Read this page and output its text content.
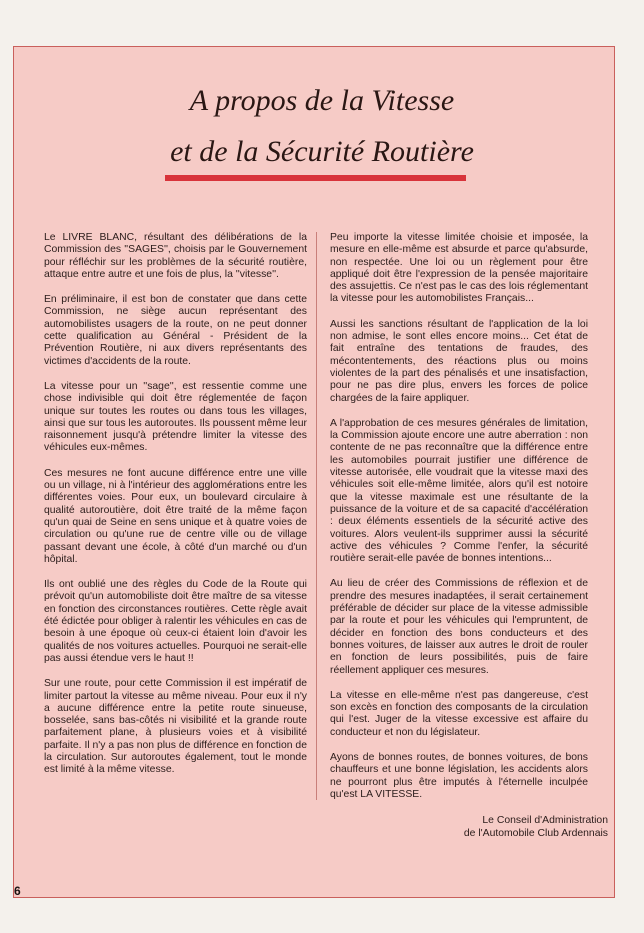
A propos de la Vitesse
et de la Sécurité Routière

Le LIVRE BLANC, résultant des délibérations de la Commission des ''SAGES'', choisis par le Gouvernement pour réfléchir sur les problèmes de la sécurité routière, attaque entre autre et une fois de plus, la ''vitesse''.

En préliminaire, il est bon de constater que dans cette Commission, ne siège aucun représentant des automobilistes usagers de la route, on ne peut donner cette qualification au Général - Président de la Prévention Routière, ni aux divers représentants des victimes d'accidents de la route.

La vitesse pour un ''sage'', est ressentie comme une chose indivisible qui doit être réglementée de façon unique sur toutes les routes ou dans tous les villages, ainsi que sur tous les autoroutes. Ils poussent même leur raisonnement jusqu'à prétendre limiter la vitesse des véhicules eux-mêmes.

Ces mesures ne font aucune différence entre une ville ou un village, ni à l'intérieur des agglomérations entre les différentes voies. Pour eux, un boulevard circulaire à qualité autoroutière, doit être traité de la même façon qu'un quai de Seine en sens unique et à quatre voies de circulation ou qu'une rue de centre ville ou de village passant devant une école, à côté d'un marché ou d'un hôpital.

Ils ont oublié une des règles du Code de la Route qui prévoit qu'un automobiliste doit être maître de sa vitesse en fonction des circonstances routières. Cette règle avait été édictée pour obliger à ralentir les véhicules en cas de besoin à une époque où ceux-ci étaient loin d'avoir les qualités de nos voitures actuelles. Pourquoi ne serait-elle pas aussi étendue vers le haut !!

Sur une route, pour cette Commission il est impératif de limiter partout la vitesse au même niveau. Pour eux il n'y a aucune différence entre la petite route sinueuse, bosselée, sans bas-côtés ni visibilité et la grande route parfaitement plane, à plusieurs voies et à visibilité parfaite. Il n'y a pas non plus de différence en fonction de la circulation. Sur autoroutes également, tout le monde est limité à la même vitesse.

Peu importe la vitesse limitée choisie et imposée, la mesure en elle-même est absurde et parce qu'absurde, non respectée. Une loi ou un règlement pour être appliqué doit être l'expression de la pensée majoritaire des assujettis. Ce n'est pas le cas des lois réglementant la vitesse pour les automobilistes Français...

Aussi les sanctions résultant de l'application de la loi non admise, le sont elles encore moins... Cet état de fait entraîne des tentations de fraudes, des mécontentements, des réactions plus ou moins violentes de la part des pénalisés et une insatisfaction, pour ne pas dire plus, envers les forces de police chargées de la faire appliquer.

A l'approbation de ces mesures générales de limitation, la Commission ajoute encore une autre aberration : non contente de ne pas reconnaître que la différence entre les automobiles pourrait justifier une différence de vitesse autorisée, elle voudrait que la vitesse maxi des véhicules soit elle-même limitée, alors qu'il est notoire que la vitesse maximale est une résultante de la puissance de la voiture et de sa capacité d'accélération : deux éléments essentiels de la sécurité active des voitures. Alors veulent-ils supprimer aussi la sécurité active des véhicules ? Comme l'enfer, la sécurité routière serait-elle pavée de bonnes intentions...

Au lieu de créer des Commissions de réflexion et de prendre des mesures inadaptées, il serait certainement préférable de décider sur place de la vitesse admissible par la route et pour les véhicules qui l'empruntent, de décider en fonction des bons conducteurs et des bonnes voitures, de laisser aux autres le droit de rouler en fonction de leurs possibilités, puis de faire réellement appliquer ces mesures.

La vitesse en elle-même n'est pas dangereuse, c'est son excès en fonction des composants de la circulation qui l'est. Juger de la vitesse excessive est affaire du conducteur et non du législateur.

Ayons de bonnes routes, de bonnes voitures, de bons chauffeurs et une bonne législation, les accidents alors ne pourront plus être imputés à l'éternelle inculpée qu'est LA VITESSE.

Le Conseil d'Administration
de l'Automobile Club Ardennais
6
